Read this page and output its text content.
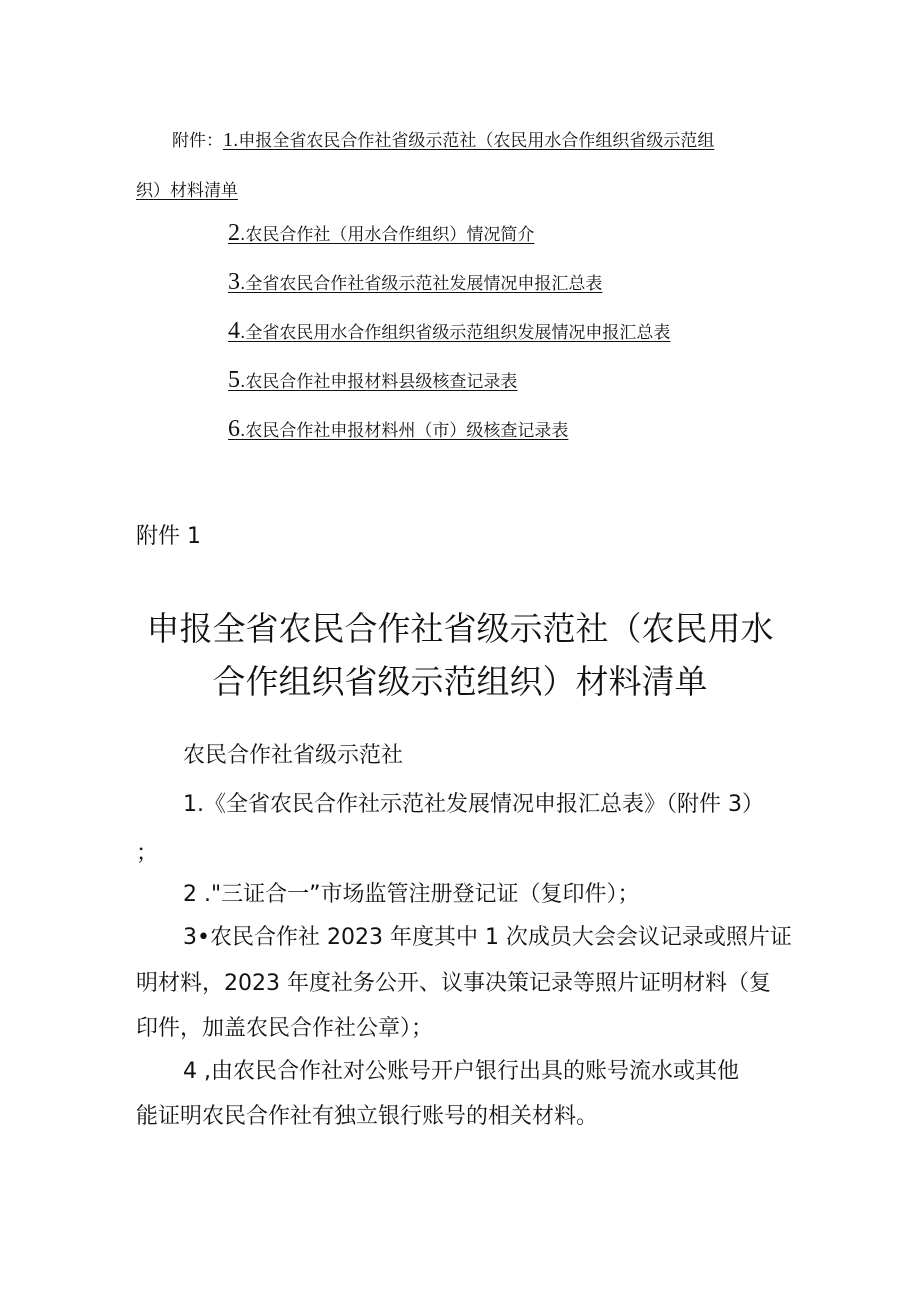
附件：1.申报全省农民合作社省级示范社（农民用水合作组织省级示范组
织）材料清单
2.农民合作社（用水合作组织）情况简介
3.全省农民合作社省级示范社发展情况申报汇总表
4.全省农民用水合作组织省级示范组织发展情况申报汇总表
5.农民合作社申报材料县级核查记录表
6.农民合作社申报材料州（市）级核查记录表
附件 1
申报全省农民合作社省级示范社（农民用水
合作组织省级示范组织）材料清单
农民合作社省级示范社
1.《全省农民合作社示范社发展情况申报汇总表》（附件 3）
；
2 ."三证合一”市场监管注册登记证（复印件）；
3•农民合作社 2023 年度其中 1 次成员大会会议记录或照片证
明材料，2023 年度社务公开、议事决策记录等照片证明材料（复
印件，加盖农民合作社公章）；
4 ,由农民合作社对公账号开户银行出具的账号流水或其他
能证明农民合作社有独立银行账号的相关材料。
